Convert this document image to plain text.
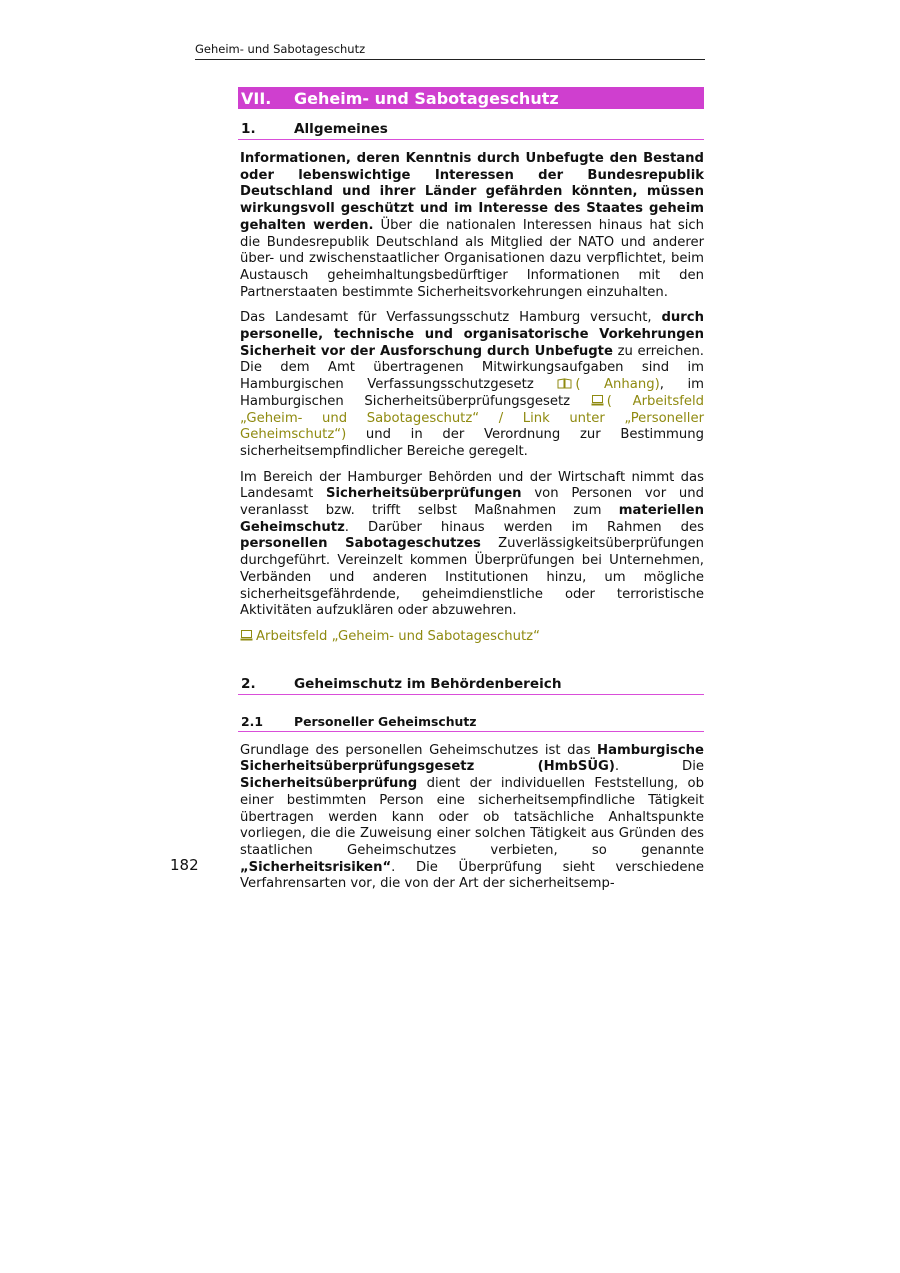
Geheim- und Sabotageschutz
VII.	Geheim- und Sabotageschutz
1.	Allgemeines

Informationen, deren Kenntnis durch Unbefugte den Bestand oder lebenswichtige Interessen der Bundesrepublik Deutschland und ihrer Länder gefährden könnten, müssen wirkungsvoll geschützt und im Interesse des Staates geheim gehalten werden. Über die nationalen Interessen hinaus hat sich die Bundesrepublik Deutschland als Mitglied der NATO und anderer über- und zwischenstaatlicher Organisationen dazu verpflichtet, beim Austausch geheimhaltungsbedürftiger Informationen mit den Partnerstaaten bestimmte Sicherheitsvorkehrungen einzuhalten.

Das Landesamt für Verfassungsschutz Hamburg versucht, durch personelle, technische und organisatorische Vorkehrungen Sicherheit vor der Ausforschung durch Unbefugte zu erreichen. Die dem Amt übertragenen Mitwirkungsaufgaben sind im Hamburgischen Verfassungsschutzgesetz ( Anhang), im Hamburgischen Sicherheitsüberprüfungsgesetz ( Arbeitsfeld „Geheim- und Sabotageschutz“ / Link unter „Personeller Geheimschutz“) und in der Verordnung zur Bestimmung sicherheitsempfindlicher Bereiche geregelt.

Im Bereich der Hamburger Behörden und der Wirtschaft nimmt das Landesamt Sicherheitsüberprüfungen von Personen vor und veranlasst bzw. trifft selbst Maßnahmen zum materiellen Geheimschutz. Darüber hinaus werden im Rahmen des personellen Sabotageschutzes Zuverlässigkeitsüberprüfungen durchgeführt. Vereinzelt kommen Überprüfungen bei Unternehmen, Verbänden und anderen Institutionen hinzu, um mögliche sicherheitsgefährdende, geheimdienstliche oder terroristische Aktivitäten aufzuklären oder abzuwehren.

Arbeitsfeld „Geheim- und Sabotageschutz“

2.	Geheimschutz im Behördenbereich
2.1	Personeller Geheimschutz

Grundlage des personellen Geheimschutzes ist das Hamburgische Sicherheitsüberprüfungsgesetz (HmbSÜG). Die Sicherheitsüberprüfung dient der individuellen Feststellung, ob einer bestimmten Person eine sicherheitsempfindliche Tätigkeit übertragen werden kann oder ob tatsächliche Anhaltspunkte vorliegen, die die Zuweisung einer solchen Tätigkeit aus Gründen des staatlichen Geheimschutzes verbieten, so genannte „Sicherheitsrisiken“. Die Überprüfung sieht verschiedene Verfahrensarten vor, die von der Art der sicherheitsemp-

182
